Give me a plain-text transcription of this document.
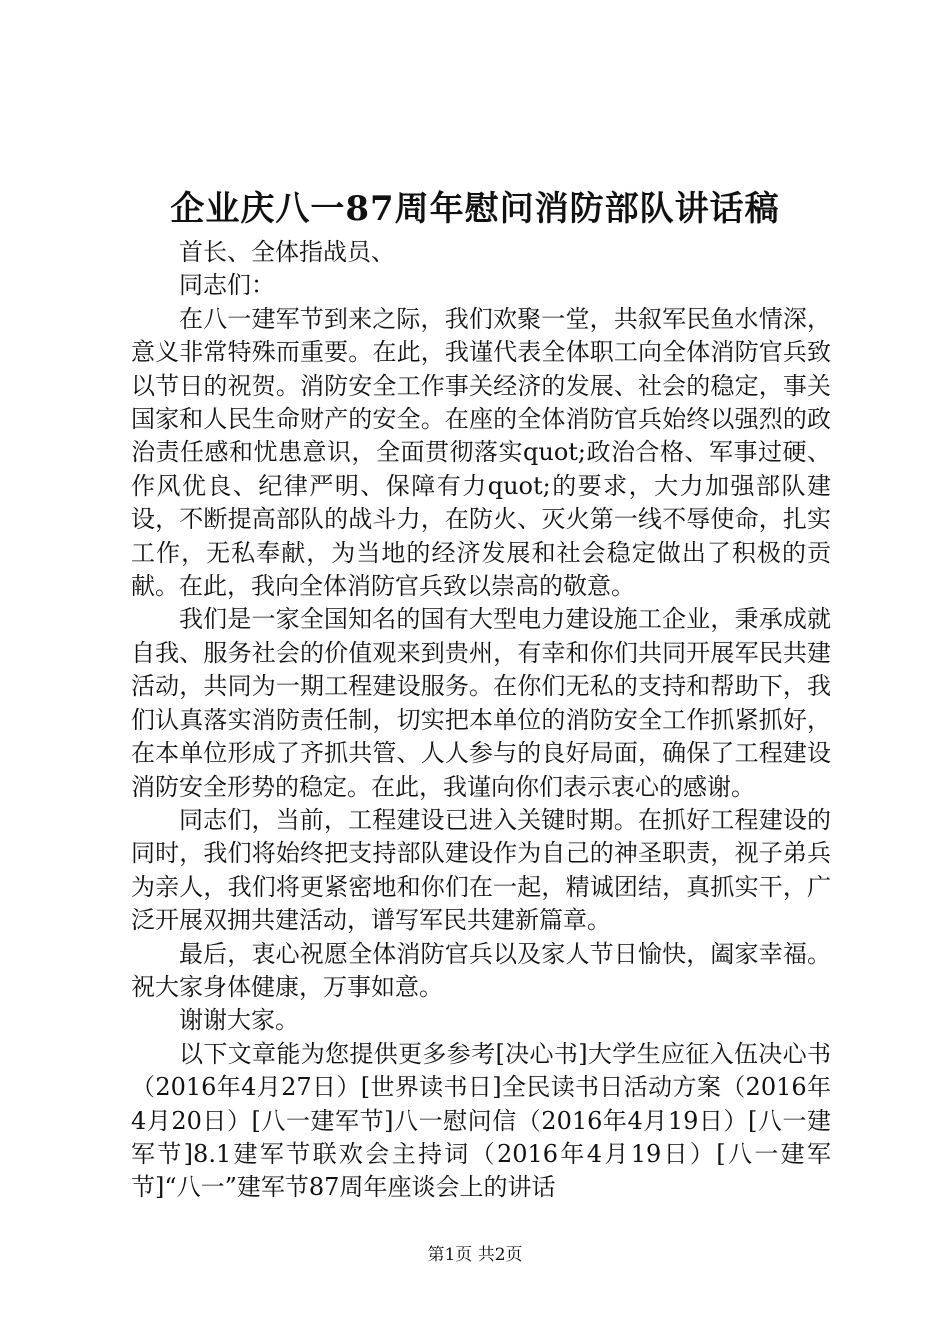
企业庆八一87周年慰问消防部队讲话稿

首长、全体指战员、

同志们：

在八一建军节到来之际，我们欢聚一堂，共叙军民鱼水情深，意义非常特殊而重要。在此，我谨代表全体职工向全体消防官兵致以节日的祝贺。消防安全工作事关经济的发展、社会的稳定，事关国家和人民生命财产的安全。在座的全体消防官兵始终以强烈的政治责任感和忧患意识，全面贯彻落实quot;政治合格、军事过硬、作风优良、纪律严明、保障有力quot;的要求，大力加强部队建设，不断提高部队的战斗力，在防火、灭火第一线不辱使命，扎实工作，无私奉献，为当地的经济发展和社会稳定做出了积极的贡献。在此，我向全体消防官兵致以崇高的敬意。

我们是一家全国知名的国有大型电力建设施工企业，秉承成就自我、服务社会的价值观来到贵州，有幸和你们共同开展军民共建活动，共同为一期工程建设服务。在你们无私的支持和帮助下，我们认真落实消防责任制，切实把本单位的消防安全工作抓紧抓好，在本单位形成了齐抓共管、人人参与的良好局面，确保了工程建设消防安全形势的稳定。在此，我谨向你们表示衷心的感谢。

同志们，当前，工程建设已进入关键时期。在抓好工程建设的同时，我们将始终把支持部队建设作为自己的神圣职责，视子弟兵为亲人，我们将更紧密地和你们在一起，精诚团结，真抓实干，广泛开展双拥共建活动，谱写军民共建新篇章。

最后，衷心祝愿全体消防官兵以及家人节日愉快，阖家幸福。祝大家身体健康，万事如意。

谢谢大家。

以下文章能为您提供更多参考[决心书]大学生应征入伍决心书（2016年4月27日）[世界读书日]全民读书日活动方案（2016年4月20日）[八一建军节]八一慰问信（2016年4月19日）[八一建军节]8.1建军节联欢会主持词（2016年4月19日）[八一建军节]“八一”建军节87周年座谈会上的讲话

第1页 共2页
